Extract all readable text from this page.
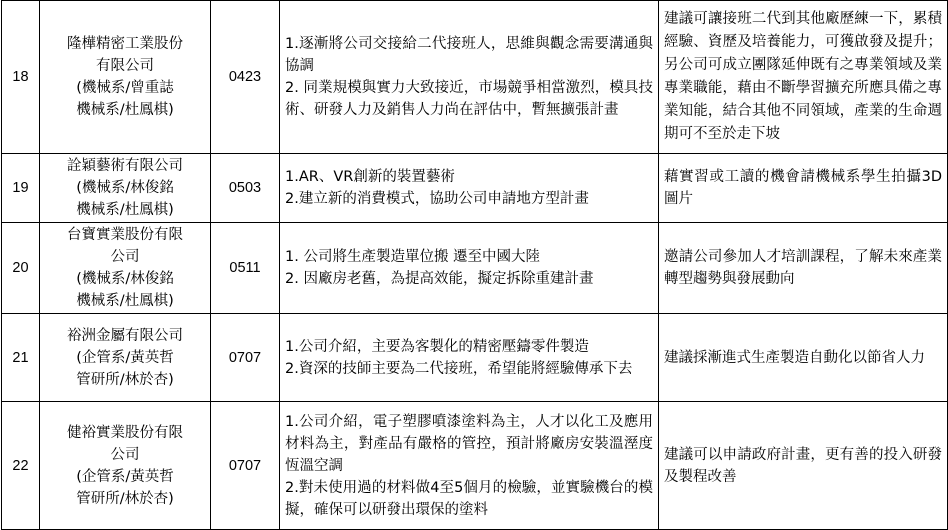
18	隆樺精密工業股份
有限公司
(機械系/曾重誌
機械系/杜鳳棋)	0423	1.逐漸將公司交接給二代接班人，思維與觀念需要溝通與協調
2. 同業規模與實力大致接近，市場競爭相當激烈，模具技術、研發人力及銷售人力尚在評估中，暫無擴張計畫	建議可讓接班二代到其他廠歷練一下，累積經驗、資歷及培養能力，可獲啟發及提升；另公司可成立團隊延伸既有之專業領域及業專業職能，藉由不斷學習擴充所應具備之專業知能，結合其他不同領域，產業的生命週期可不至於走下坡

19	詮穎藝術有限公司
(機械系/林俊銘
機械系/杜鳳棋)	0503	1.AR、VR創新的裝置藝術
2.建立新的消費模式，協助公司申請地方型計畫	藉實習或工讀的機會請機械系學生拍攝3D圖片

20	台寶實業股份有限
公司
(機械系/林俊銘
機械系/杜鳳棋)	0511	1. 公司將生產製造單位搬 遷至中國大陸
2. 因廠房老舊，為提高效能，擬定拆除重建計畫	邀請公司參加人才培訓課程，了解未來產業轉型趨勢與發展動向

21	裕洲金屬有限公司
(企管系/黃英哲
管研所/林於杏)	0707	1.公司介紹，主要為客製化的精密壓鑄零件製造
2.資深的技師主要為二代接班，希望能將經驗傳承下去	建議採漸進式生產製造自動化以節省人力

22	健裕實業股份有限
公司
(企管系/黃英哲
管研所/林於杏)	0707	1.公司介紹，電子塑膠噴漆塗料為主，人才以化工及應用材料為主，對產品有嚴格的管控，預計將廠房安裝溫溼度恆溫空調
2.對未使用過的材料做4至5個月的檢驗，並實驗機台的模擬，確保可以研發出環保的塗料	建議可以申請政府計畫，更有善的投入研發及製程改善
